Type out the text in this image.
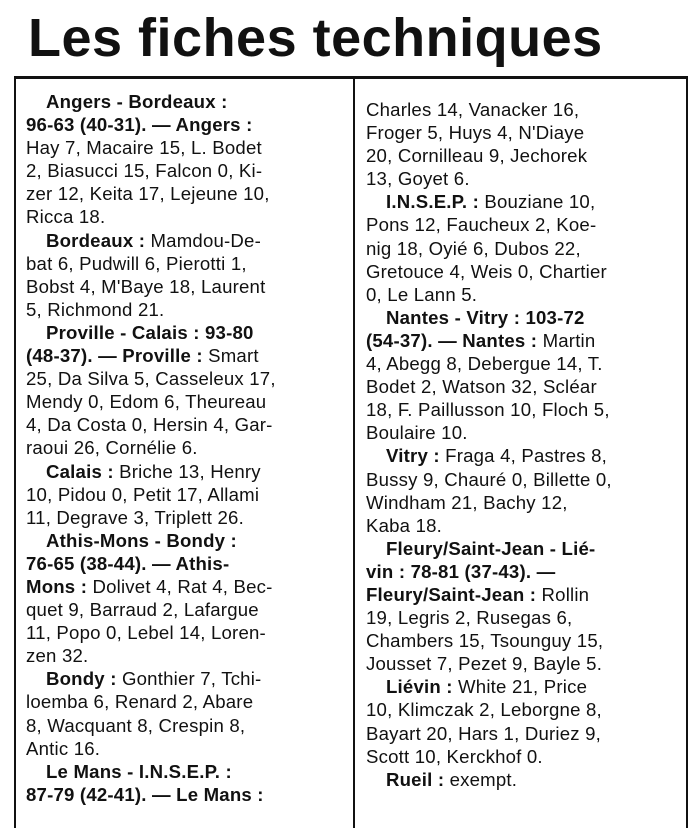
Les fiches techniques
Angers - Bordeaux :
96-63 (40-31). — Angers :
Hay 7, Macaire 15, L. Bodet
2, Biasucci 15, Falcon 0, Ki-
zer 12, Keita 17, Lejeune 10,
Ricca 18.
Bordeaux : Mamdou-De-
bat 6, Pudwill 6, Pierotti 1,
Bobst 4, M'Baye 18, Laurent
5, Richmond 21.
Proville - Calais : 93-80
(48-37). — Proville : Smart
25, Da Silva 5, Casseleux 17,
Mendy 0, Edom 6, Theureau
4, Da Costa 0, Hersin 4, Gar-
raoui 26, Cornélie 6.
Calais : Briche 13, Henry
10, Pidou 0, Petit 17, Allami
11, Degrave 3, Triplett 26.
Athis-Mons - Bondy :
76-65 (38-44). — Athis-
Mons : Dolivet 4, Rat 4, Bec-
quet 9, Barraud 2, Lafargue
11, Popo 0, Lebel 14, Loren-
zen 32.
Bondy : Gonthier 7, Tchi-
loemba 6, Renard 2, Abare
8, Wacquant 8, Crespin 8,
Antic 16.
Le Mans - I.N.S.E.P. :
87-79 (42-41). — Le Mans :
Charles 14, Vanacker 16,
Froger 5, Huys 4, N'Diaye
20, Cornilleau 9, Jechorek
13, Goyet 6.
I.N.S.E.P. : Bouziane 10,
Pons 12, Faucheux 2, Koe-
nig 18, Oyié 6, Dubos 22,
Gretouce 4, Weis 0, Chartier
0, Le Lann 5.
Nantes - Vitry : 103-72
(54-37). — Nantes : Martin
4, Abegg 8, Debergue 14, T.
Bodet 2, Watson 32, Scléar
18, F. Paillusson 10, Floch 5,
Boulaire 10.
Vitry : Fraga 4, Pastres 8,
Bussy 9, Chauré 0, Billette 0,
Windham 21, Bachy 12,
Kaba 18.
Fleury/Saint-Jean - Lié-
vin : 78-81 (37-43). —
Fleury/Saint-Jean : Rollin
19, Legris 2, Rusegas 6,
Chambers 15, Tsounguy 15,
Jousset 7, Pezet 9, Bayle 5.
Liévin : White 21, Price
10, Klimczak 2, Leborgne 8,
Bayart 20, Hars 1, Duriez 9,
Scott 10, Kerckhof 0.
Rueil : exempt.
